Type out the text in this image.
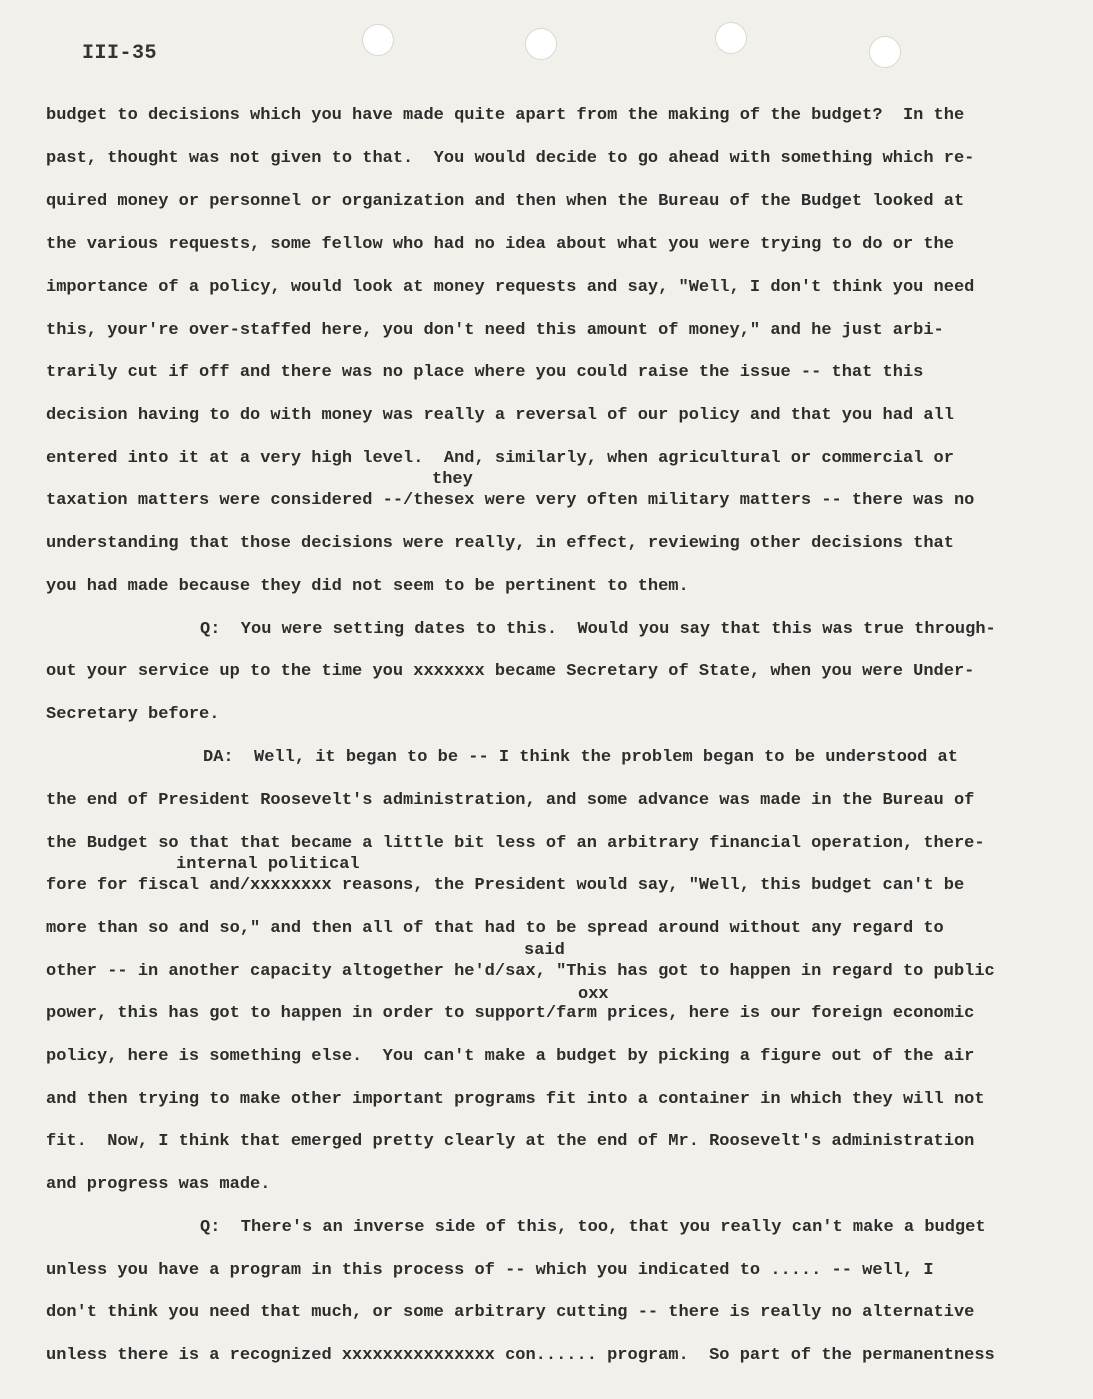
III-35
they
internal political
said
oxx
budget to decisions which you have made quite apart from the making of the budget?  In the
past, thought was not given to that.  You would decide to go ahead with something which re-
quired money or personnel or organization and then when the Bureau of the Budget looked at
the various requests, some fellow who had no idea about what you were trying to do or the
importance of a policy, would look at money requests and say, "Well, I don't think you need
this, your're over-staffed here, you don't need this amount of money," and he just arbi-
trarily cut if off and there was no place where you could raise the issue -- that this
decision having to do with money was really a reversal of our policy and that you had all
entered into it at a very high level.  And, similarly, when agricultural or commercial or
taxation matters were considered --/thesex were very often military matters -- there was no
understanding that those decisions were really, in effect, reviewing other decisions that
you had made because they did not seem to be pertinent to them.
Q:  You were setting dates to this.  Would you say that this was true through-
out your service up to the time you xxxxxxx became Secretary of State, when you were Under-
Secretary before.
DA:  Well, it began to be -- I think the problem began to be understood at
the end of President Roosevelt's administration, and some advance was made in the Bureau of
the Budget so that that became a little bit less of an arbitrary financial operation, there-
fore for fiscal and/xxxxxxxx reasons, the President would say, "Well, this budget can't be
more than so and so," and then all of that had to be spread around without any regard to
other -- in another capacity altogether he'd/sax, "This has got to happen in regard to public
power, this has got to happen in order to support/farm prices, here is our foreign economic
policy, here is something else.  You can't make a budget by picking a figure out of the air
and then trying to make other important programs fit into a container in which they will not
fit.  Now, I think that emerged pretty clearly at the end of Mr. Roosevelt's administration
and progress was made.
Q:  There's an inverse side of this, too, that you really can't make a budget
unless you have a program in this process of -- which you indicated to ..... -- well, I
don't think you need that much, or some arbitrary cutting -- there is really no alternative
unless there is a recognized xxxxxxxxxxxxxxx con...... program.  So part of the permanentness
